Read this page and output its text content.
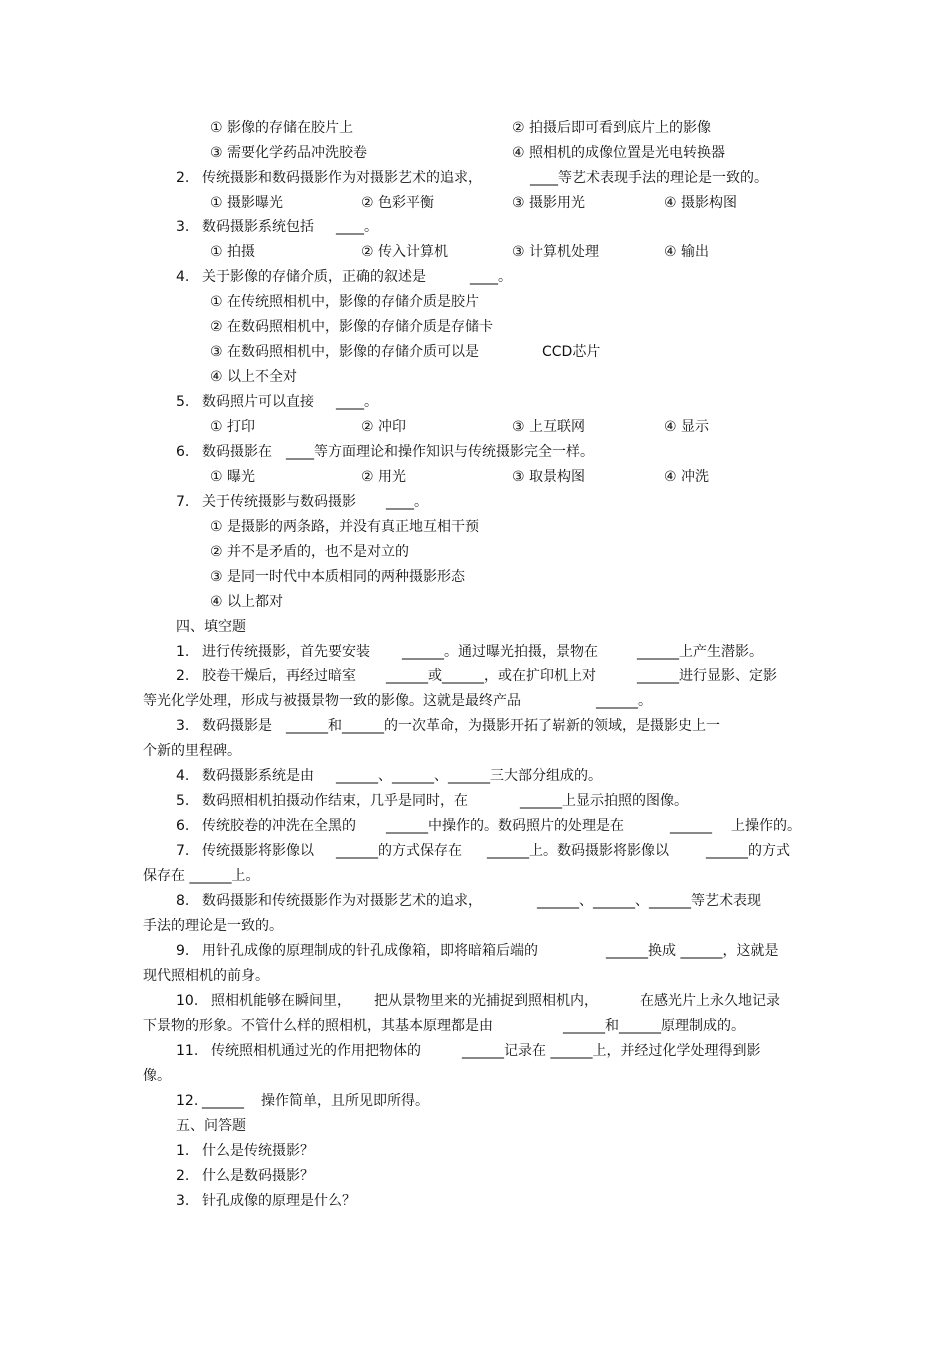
① 影像的存储在胶片上

	② 拍摄后即可看到底片上的影像

③ 需要化学药品冲洗胶卷

	④ 照相机的成像位置是光电转换器

2.

传统摄影和数码摄影作为对摄影艺术的追求，

	____等艺术表现手法的理论是一致的。

① 摄影曝光

	② 色彩平衡

	③ 摄影用光

	④ 摄影构图

3.

数码摄影系统包括

____。

① 拍摄

	② 传入计算机

	③ 计算机处理

	④ 输出

4.

关于影像的存储介质，正确的叙述是

	____。

① 在传统照相机中，影像的存储介质是胶片

② 在数码照相机中，影像的存储介质是存储卡

③ 在数码照相机中，影像的存储介质可以是

	CCD芯片

④ 以上不全对

5.

数码照片可以直接

____。

① 打印

	② 冲印

	③ 上互联网

	④ 显示

6.

数码摄影在

____等方面理论和操作知识与传统摄影完全一样。

① 曝光

	② 用光

	③ 取景构图

	④ 冲洗

7.

关于传统摄影与数码摄影

____。

① 是摄影的两条路，并没有真正地互相干预

② 并不是矛盾的，也不是对立的

③ 是同一时代中本质相同的两种摄影形态

④ 以上都对

四、填空题

1.

进行传统摄影，首先要安装

______。通过曝光拍摄，景物在

	______上产生潜影。

2.

胶卷干燥后，再经过暗室

______或______，或在扩印机上对

	______进行显影、定影

等光化学处理，形成与被摄景物一致的影像。这就是最终产品

	______。

3.

数码摄影是

______和______的一次革命，为摄影开拓了崭新的领域，是摄影史上一

个新的里程碑。

4.

数码摄影系统是由

______、______、______三大部分组成的。

5.

数码照相机拍摄动作结束，几乎是同时，在

	______上显示拍照的图像。

6.

传统胶卷的冲洗在全黑的

______中操作的。数码照片的处理是在

	______

上操作的。

7.

传统摄影将影像以

______的方式保存在

______上。数码摄影将影像以

	______的方式

保存在 ______上。

8.

数码摄影和传统摄影作为对摄影艺术的追求，

	______、______、______等艺术表现

手法的理论是一致的。

9.

用针孔成像的原理制成的针孔成像箱，即将暗箱后端的

	______换成 ______，这就是

现代照相机的前身。

10.

照相机能够在瞬间里，

把从景物里来的光捕捉到照相机内，

	在感光片上永久地记录

下景物的形象。不管什么样的照相机，其基本原理都是由

	______和______原理制成的。

11.

传统照相机通过光的作用把物体的

	______记录在 ______上，并经过化学处理得到影

像。

12.

______

操作简单，且所见即所得。

五、问答题

1.

什么是传统摄影？

2.

什么是数码摄影？

3.

针孔成像的原理是什么？
